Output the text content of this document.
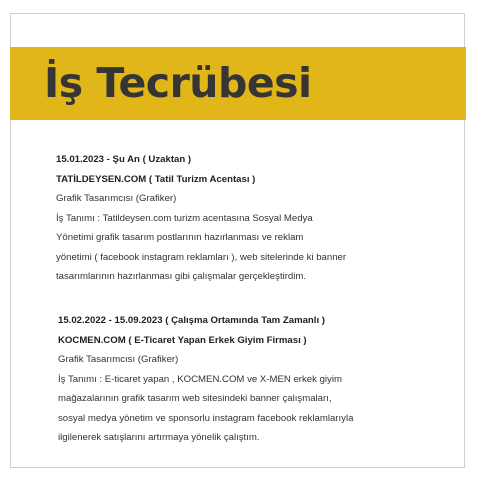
İş Tecrübesi
15.01.2023 - Şu An ( Uzaktan )
TATİLDEYSEN.COM ( Tatil Turizm Acentası )
Grafik Tasarımcısı (Grafiker)
İş Tanımı : Tatildeysen.com turizm acentasına Sosyal Medya
Yönetimi grafik tasarım postlarının hazırlanması ve reklam
yönetimi ( facebook instagram reklamları ), web sitelerinde ki banner
tasarımlarının hazırlanması gibi çalışmalar gerçekleştirdim.
15.02.2022 - 15.09.2023 ( Çalışma Ortamında Tam Zamanlı )
KOCMEN.COM ( E-Ticaret Yapan Erkek Giyim Firması )
Grafik Tasarımcısı (Grafiker)
İş Tanımı : E-ticaret yapan , KOCMEN.COM ve X-MEN erkek giyim
mağazalarının grafik tasarım web sitesindeki banner çalışmaları,
sosyal medya yönetim ve sponsorlu instagram facebook reklamlarıyla
ilgilenerek satışlarını artırmaya yönelik çalıştım.
